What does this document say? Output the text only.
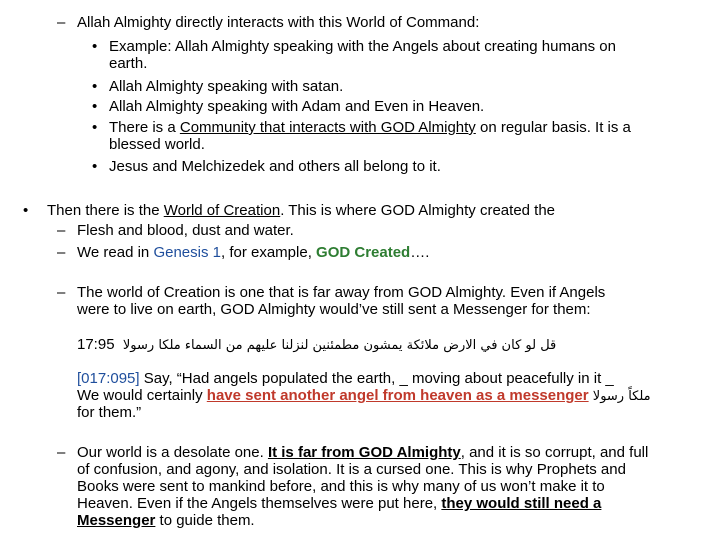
– Allah Almighty directly interacts with this World of Command:
• Example: Allah Almighty speaking with the Angels about creating humans on
earth.
• Allah Almighty speaking with satan.
• Allah Almighty speaking with Adam and Even in Heaven.
• There is a Community that interacts with GOD Almighty on regular basis. It is a
blessed world.
• Jesus and Melchizedek and others all belong to it.
• Then there is the World of Creation. This is where GOD Almighty created the
– Flesh and blood, dust and water.
– We read in Genesis 1, for example, GOD Created….
– The world of Creation is one that is far away from GOD Almighty. Even if Angels
were to live on earth, GOD Almighty would’ve still sent a Messenger for them:
17:95 قل لو كان في الارض ملائكة يمشون مطمئنين لنزلنا عليهم من السماء ملكا رسولا
[017:095] Say, “Had angels populated the earth, _ moving about peacefully in it _
We would certainly have sent another angel from heaven as a messenger ملكاً رسولا
for them.”
– Our world is a desolate one. It is far from GOD Almighty, and it is so corrupt, and full
of confusion, and agony, and isolation. It is a cursed one. This is why Prophets and
Books were sent to mankind before, and this is why many of us won’t make it to
Heaven. Even if the Angels themselves were put here, they would still need a
Messenger to guide them.
